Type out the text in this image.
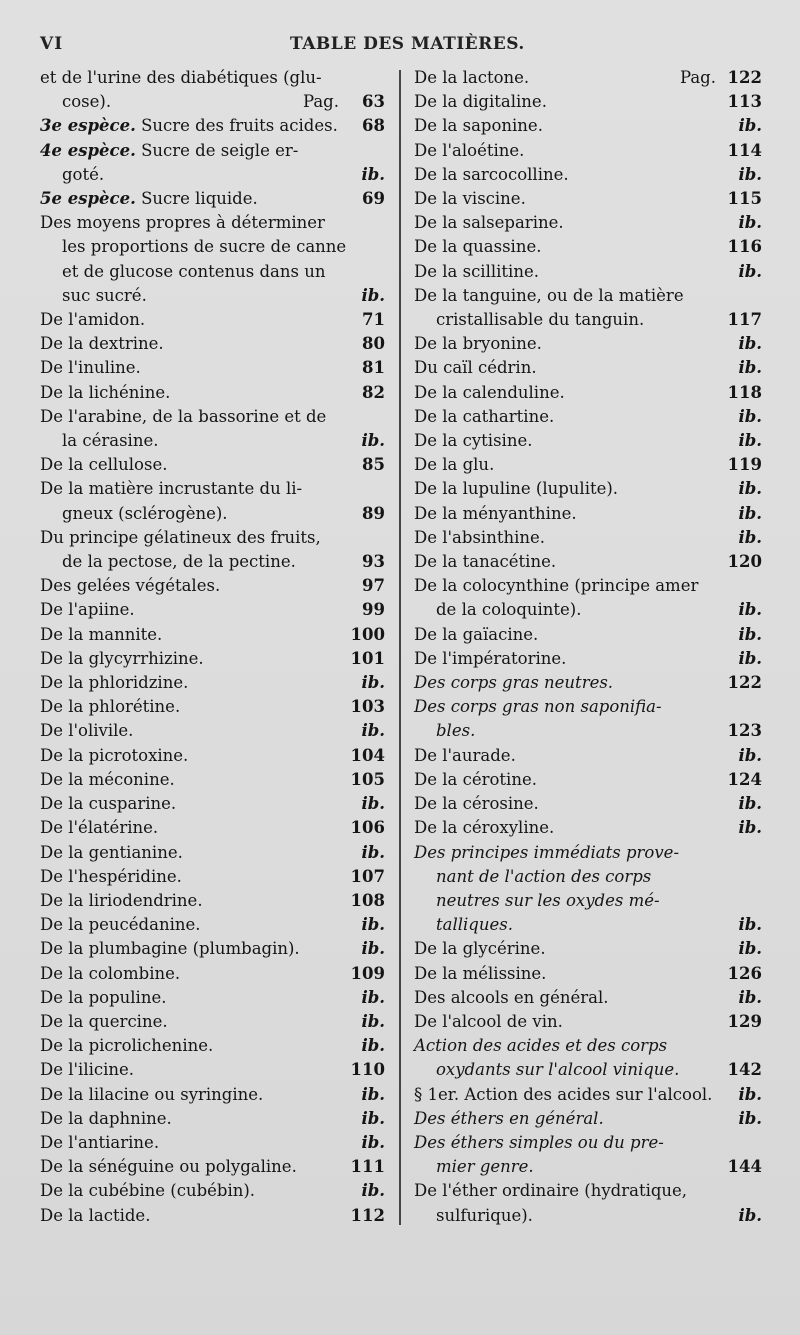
VI	TABLE DES MATIÈRES.
et de l'urine des diabétiques (glu-
cose).	Pag. 63
3e espèce. Sucre des fruits acides.	68
4e espèce. Sucre de seigle er-
goté.	ib.
5e espèce. Sucre liquide.	69
Des moyens propres à déterminer
les proportions de sucre de canne
et de glucose contenus dans un
suc sucré.	ib.
De l'amidon.	71
De la dextrine.	80
De l'inuline.	81
De la lichénine.	82
De l'arabine, de la bassorine et de
la cérasine.	ib.
De la cellulose.	85
De la matière incrustante du li-
gneux (sclérogène).	89
Du principe gélatineux des fruits,
de la pectose, de la pectine.	93
Des gelées végétales.	97
De l'apiine.	99
De la mannite.	100
De la glycyrrhizine.	101
De la phloridzine.	ib.
De la phlorétine.	103
De l'olivile.	ib.
De la picrotoxine.	104
De la méconine.	105
De la cusparine.	ib.
De l'élatérine.	106
De la gentianine.	ib.
De l'hespéridine.	107
De la liriodendrine.	108
De la peucédanine.	ib.
De la plumbagine (plumbagin).	ib.
De la colombine.	109
De la populine.	ib.
De la quercine.	ib.
De la picrolichenine.	ib.
De l'ilicine.	110
De la lilacine ou syringine.	ib.
De la daphnine.	ib.
De l'antiarine.	ib.
De la sénéguine ou polygaline.	111
De la cubébine (cubébin).	ib.
De la lactide.	112
De la lactone.	Pag. 122
De la digitaline.	113
De la saponine.	ib.
De l'aloétine.	114
De la sarcocolline.	ib.
De la viscine.	115
De la salseparine.	ib.
De la quassine.	116
De la scillitine.	ib.
De la tanguine, ou de la matière
cristallisable du tanguin.	117
De la bryonine.	ib.
Du caïl cédrin.	ib.
De la calenduline.	118
De la cathartine.	ib.
De la cytisine.	ib.
De la glu.	119
De la lupuline (lupulite).	ib.
De la ményanthine.	ib.
De l'absinthine.	ib.
De la tanacétine.	120
De la colocynthine (principe amer
de la coloquinte).	ib.
De la gaïacine.	ib.
De l'impératorine.	ib.
Des corps gras neutres.	122
Des corps gras non saponifia-
bles.	123
De l'aurade.	ib.
De la cérotine.	124
De la cérosine.	ib.
De la céroxyline.	ib.
Des principes immédiats prove-
nant de l'action des corps
neutres sur les oxydes mé-
talliques.	ib.
De la glycérine.	ib.
De la mélissine.	126
Des alcools en général.	ib.
De l'alcool de vin.	129
Action des acides et des corps
oxydants sur l'alcool vinique.	142
§ 1er. Action des acides sur l'alcool.	ib.
Des éthers en général.	ib.
Des éthers simples ou du pre-
mier genre.	144
De l'éther ordinaire (hydratique,
sulfurique).	ib.
